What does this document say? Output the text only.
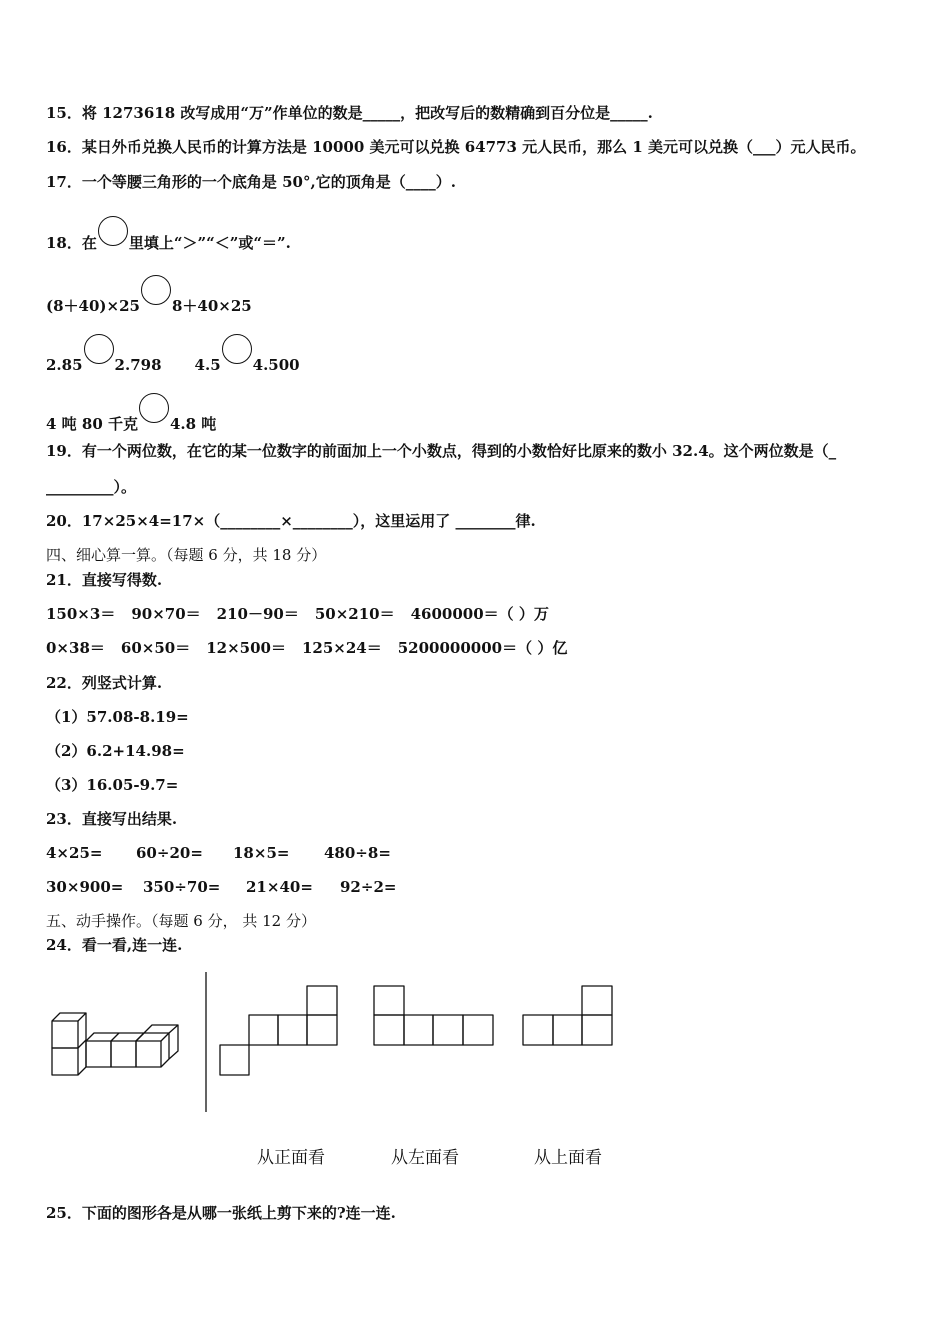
15．将 1273618 改写成用“万”作单位的数是_____，把改写后的数精确到百分位是_____.
16．某日外币兑换人民币的计算方法是 10000 美元可以兑换 64773 元人民币，那么 1 美元可以兑换（___）元人民币。
17．一个等腰三角形的一个底角是 50°,它的顶角是（____）.
18．在 里填上“＞”“＜”或“＝”.
(8＋40)×25 8＋40×25
2.85 2.798 4.5 4.500
4 吨 80 千克 4.8 吨
19．有一个两位数，在它的某一位数字的前面加上一个小数点，得到的小数恰好比原来的数小 32.4。这个两位数是（_
_________）。
20．17×25×4=17×（________×________），这里运用了 ________律.
四、细心算一算。（每题 6 分，共 18 分）
21．直接写得数.
150×3＝ 90×70＝ 210－90＝ 50×210＝ 4600000＝（ ）万
0×38＝ 60×50＝ 12×500＝ 125×24＝ 5200000000＝（ ）亿
22．列竖式计算.
（1）57.08-8.19=
（2）6.2+14.98=
（3）16.05-9.7=
23．直接写出结果.
4×25= 60÷20= 18×5= 480÷8=
30×900= 350÷70= 21×40= 92÷2=
五、动手操作。（每题 6 分， 共 12 分）
24．看一看,连一连.
从正面看	从左面看	从上面看
25．下面的图形各是从哪一张纸上剪下来的?连一连.
